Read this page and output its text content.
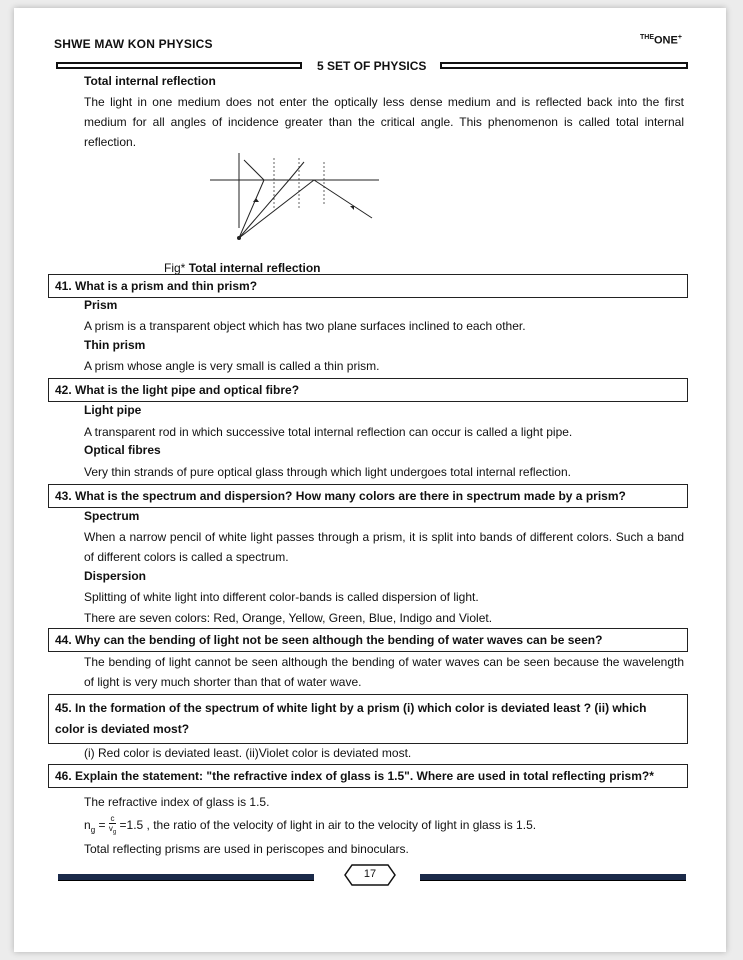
SHWE MAW KON PHYSICS	$^{THE}$ONE+
5 SET OF PHYSICS
Total internal reflection
The light in one medium does not enter the optically less dense medium and is reflected back into the first medium for all angles of incidence greater than the critical angle. This phenomenon is called total internal reflection.
Fig* Total internal reflection
41. What is a prism and thin prism?
Prism
A prism is a transparent object which has two plane surfaces inclined to each other.
Thin prism
A prism whose angle is very small is called a thin prism.
42. What is the light pipe and optical fibre?
Light pipe
A transparent rod in which successive total internal reflection can occur is called a light pipe.
Optical fibres
Very thin strands of pure optical glass through which light undergoes total internal reflection.
43. What is the spectrum and dispersion? How many colors are there in spectrum made by a prism?
Spectrum
When a narrow pencil of white light passes through a prism, it is split into bands of different colors. Such a band of different colors is called a spectrum.
Dispersion
Splitting of white light into different color-bands is called dispersion of light.
There are seven colors: Red, Orange, Yellow, Green, Blue, Indigo and Violet.
44. Why can the bending of light not be seen although the bending of water waves can be seen?
The bending of light cannot be seen although the bending of water waves can be seen because the wavelength of light is very much shorter than that of water wave.
45. In the formation of the spectrum of white light by a prism (i) which color is deviated least ? (ii) which color is deviated most?
(i) Red color is deviated least. (ii)Violet color is deviated most.
46. Explain the statement: "the refractive index of glass is 1.5". Where are used in total reflecting prism?*
The refractive index of glass is 1.5.
$n_g = \frac{c}{v_g} =1.5$ , the ratio of the velocity of light in air to the velocity of light in glass is 1.5.
Total reflecting prisms are used in periscopes and binoculars.
17
